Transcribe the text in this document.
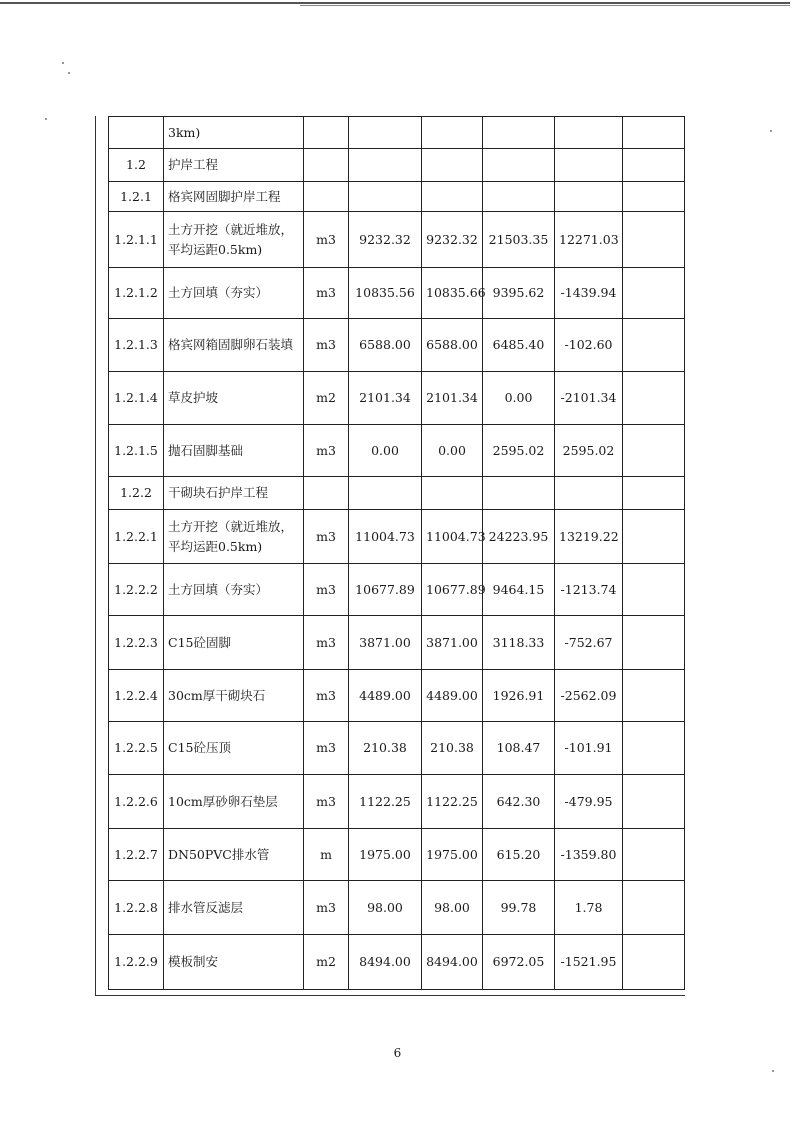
	3km)						
1.2	护岸工程						
1.2.1	格宾网固脚护岸工程						
1.2.1.1	土方开挖（就近堆放，平均运距0.5km)	m3	9232.32	9232.32	21503.35	12271.03	
1.2.1.2	土方回填（夯实）	m3	10835.56	10835.66	9395.62	-1439.94	
1.2.1.3	格宾网箱固脚卵石装填	m3	6588.00	6588.00	6485.40	-102.60	
1.2.1.4	草皮护坡	m2	2101.34	2101.34	0.00	-2101.34	
1.2.1.5	抛石固脚基础	m3	0.00	0.00	2595.02	2595.02	
1.2.2	干砌块石护岸工程						
1.2.2.1	土方开挖（就近堆放，平均运距0.5km)	m3	11004.73	11004.73	24223.95	13219.22	
1.2.2.2	土方回填（夯实）	m3	10677.89	10677.89	9464.15	-1213.74	
1.2.2.3	C15砼固脚	m3	3871.00	3871.00	3118.33	-752.67	
1.2.2.4	30cm厚干砌块石	m3	4489.00	4489.00	1926.91	-2562.09	
1.2.2.5	C15砼压顶	m3	210.38	210.38	108.47	-101.91	
1.2.2.6	10cm厚砂卵石垫层	m3	1122.25	1122.25	642.30	-479.95	
1.2.2.7	DN50PVC排水管	m	1975.00	1975.00	615.20	-1359.80	
1.2.2.8	排水管反滤层	m3	98.00	98.00	99.78	1.78	
1.2.2.9	模板制安	m2	8494.00	8494.00	6972.05	-1521.95	
6
